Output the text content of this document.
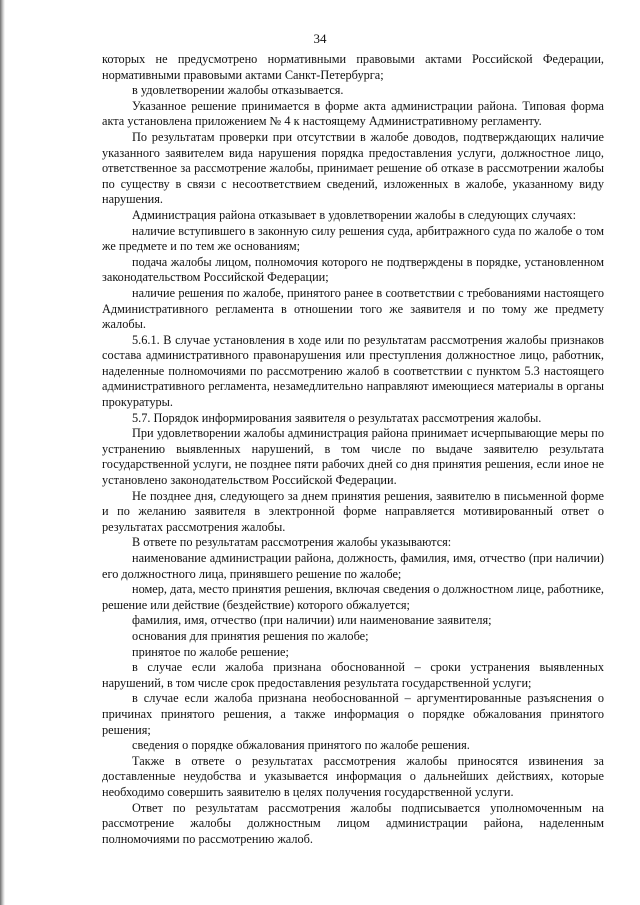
34

которых не предусмотрено нормативными правовыми актами Российской Федерации, нормативными правовыми актами Санкт-Петербурга;

в удовлетворении жалобы отказывается.

Указанное решение принимается в форме акта администрации района. Типовая форма акта установлена приложением № 4 к настоящему Административному регламенту.

По результатам проверки при отсутствии в жалобе доводов, подтверждающих наличие указанного заявителем вида нарушения порядка предоставления услуги, должностное лицо, ответственное за рассмотрение жалобы, принимает решение об отказе в рассмотрении жалобы по существу в связи с несоответствием сведений, изложенных в жалобе, указанному виду нарушения.

Администрация района отказывает в удовлетворении жалобы в следующих случаях:

наличие вступившего в законную силу решения суда, арбитражного суда по жалобе о том же предмете и по тем же основаниям;

подача жалобы лицом, полномочия которого не подтверждены в порядке, установленном законодательством Российской Федерации;

наличие решения по жалобе, принятого ранее в соответствии с требованиями настоящего Административного регламента в отношении того же заявителя и по тому же предмету жалобы.

5.6.1. В случае установления в ходе или по результатам рассмотрения жалобы признаков состава административного правонарушения или преступления должностное лицо, работник, наделенные полномочиями по рассмотрению жалоб в соответствии с пунктом 5.3 настоящего административного регламента, незамедлительно направляют имеющиеся материалы в органы прокуратуры.

5.7. Порядок информирования заявителя о результатах рассмотрения жалобы.

При удовлетворении жалобы администрация района принимает исчерпывающие меры по устранению выявленных нарушений, в том числе по выдаче заявителю результата государственной услуги, не позднее пяти рабочих дней со дня принятия решения, если иное не установлено законодательством Российской Федерации.

Не позднее дня, следующего за днем принятия решения, заявителю в письменной форме и по желанию заявителя в электронной форме направляется мотивированный ответ о результатах рассмотрения жалобы.

В ответе по результатам рассмотрения жалобы указываются:

наименование администрации района, должность, фамилия, имя, отчество (при наличии) его должностного лица, принявшего решение по жалобе;

номер, дата, место принятия решения, включая сведения о должностном лице, работнике, решение или действие (бездействие) которого обжалуется;

фамилия, имя, отчество (при наличии) или наименование заявителя;

основания для принятия решения по жалобе;

принятое по жалобе решение;

в случае если жалоба признана обоснованной – сроки устранения выявленных нарушений, в том числе срок предоставления результата государственной услуги;

в случае если жалоба признана необоснованной – аргументированные разъяснения о причинах принятого решения, а также информация о порядке обжалования принятого решения;

сведения о порядке обжалования принятого по жалобе решения.

Также в ответе о результатах рассмотрения жалобы приносятся извинения за доставленные неудобства и указывается информация о дальнейших действиях, которые необходимо совершить заявителю в целях получения государственной услуги.

Ответ по результатам рассмотрения жалобы подписывается уполномоченным на рассмотрение жалобы должностным лицом администрации района, наделенным полномочиями по рассмотрению жалоб.
